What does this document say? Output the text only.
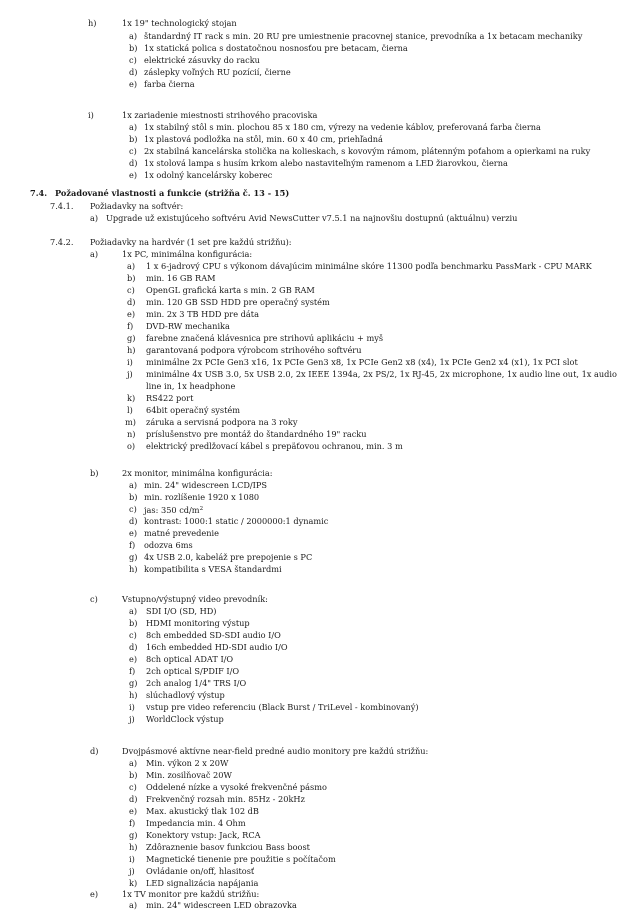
h)	1x 19" technologický stojan
a) štandardný IT rack s min. 20 RU pre umiestnenie pracovnej stanice, prevodníka a 1x betacam mechaniky
b) 1x statická polica s dostatočnou nosnosťou pre betacam, čierna
c) elektrické zásuvky do racku
d) záslepky voľných RU pozícií, čierne
e) farba čierna
i)	1x zariadenie miestnosti strihového pracoviska
a) 1x stabilný stôl s min. plochou 85 x 180 cm, výrezy na vedenie káblov, preferovaná farba čierna
b) 1x plastová podložka na stôl, min. 60 x 40 cm, priehľadná
c) 2x stabilná kancelárska stolička na kolieskach, s kovovým rámom, plátenným poťahom a opierkami na ruky
d) 1x stolová lampa s husím krkom alebo nastaviteľným ramenom a LED žiarovkou, čierna
e) 1x odolný kancelársky koberec
7.4. Požadované vlastnosti a funkcie (strižňa č. 13 - 15)
7.4.1. Požiadavky na softvér:
a) Upgrade už existujúceho softvéru Avid NewsCutter v7.5.1 na najnovšiu dostupnú (aktuálnu) verziu
7.4.2. Požiadavky na hardvér (1 set pre každú strižňu):
a)	1x PC, minimálna konfigurácia:
a) 1 x 6-jadrový CPU s výkonom dávajúcim minimálne skóre 11300 podľa benchmarku PassMark - CPU MARK
b) min. 16 GB RAM
c) OpenGL grafická karta s min. 2 GB RAM
d) min. 120 GB SSD HDD pre operačný systém
e) min. 2x 3 TB HDD pre dáta
f) DVD-RW mechanika
g) farebne značená klávesnica pre strihovú aplikáciu + myš
h) garantovaná podpora výrobcom strihového softvéru
i) minimálne 2x PCIe Gen3 x16, 1x PCIe Gen3 x8, 1x PCIe Gen2 x8 (x4), 1x PCIe Gen2 x4 (x1), 1x PCI slot
j) minimálne 4x USB 3.0, 5x USB 2.0, 2x IEEE 1394a, 2x PS/2, 1x RJ-45, 2x microphone, 1x audio line out, 1x audio
line in, 1x headphone
k) RS422 port
l) 64bit operačný systém
m) záruka a servisná podpora na 3 roky
n) príslušenstvo pre montáž do štandardného 19" racku
o) elektrický predlžovací kábel s prepäťovou ochranou, min. 3 m
b)	2x monitor, minimálna konfigurácia:
a) min. 24" widescreen LCD/IPS
b) min. rozlíšenie 1920 x 1080
c) jas: 350 $cd/m^2$
d) kontrast: 1000:1 static / 2000000:1 dynamic
e) matné prevedenie
f) odozva 6ms
g) 4x USB 2.0, kabeláž pre prepojenie s PC
h) kompatibilita s VESA štandardmi
c)	Vstupno/výstupný video prevodník:
a) SDI I/O (SD, HD)
b) HDMI monitoring výstup
c) 8ch embedded SD-SDI audio I/O
d) 16ch embedded HD-SDI audio I/O
e) 8ch optical ADAT I/O
f) 2ch optical S/PDIF I/O
g) 2ch analog 1/4" TRS I/O
h) slúchadlový výstup
i) vstup pre video referenciu (Black Burst / TriLevel - kombinovaný)
j) WorldClock výstup
d)	Dvojpásmové aktívne near-field predné audio monitory pre každú strižňu:
a) Min. výkon 2 x 20W
b) Min. zosilňovač 20W
c) Oddelené nízke a vysoké frekvenčné pásmo
d) Frekvenčný rozsah min. 85Hz - 20kHz
e) Max. akustický tlak 102 dB
f) Impedancia min. 4 Ohm
g) Konektory vstup: Jack, RCA
h) Zdôraznenie basov funkciou Bass boost
i) Magnetické tienenie pre použitie s počítačom
j) Ovládanie on/off, hlasitosť
k) LED signalizácia napájania
e)	1x TV monitor pre každú strižňu:
a) min. 24" widescreen LED obrazovka
